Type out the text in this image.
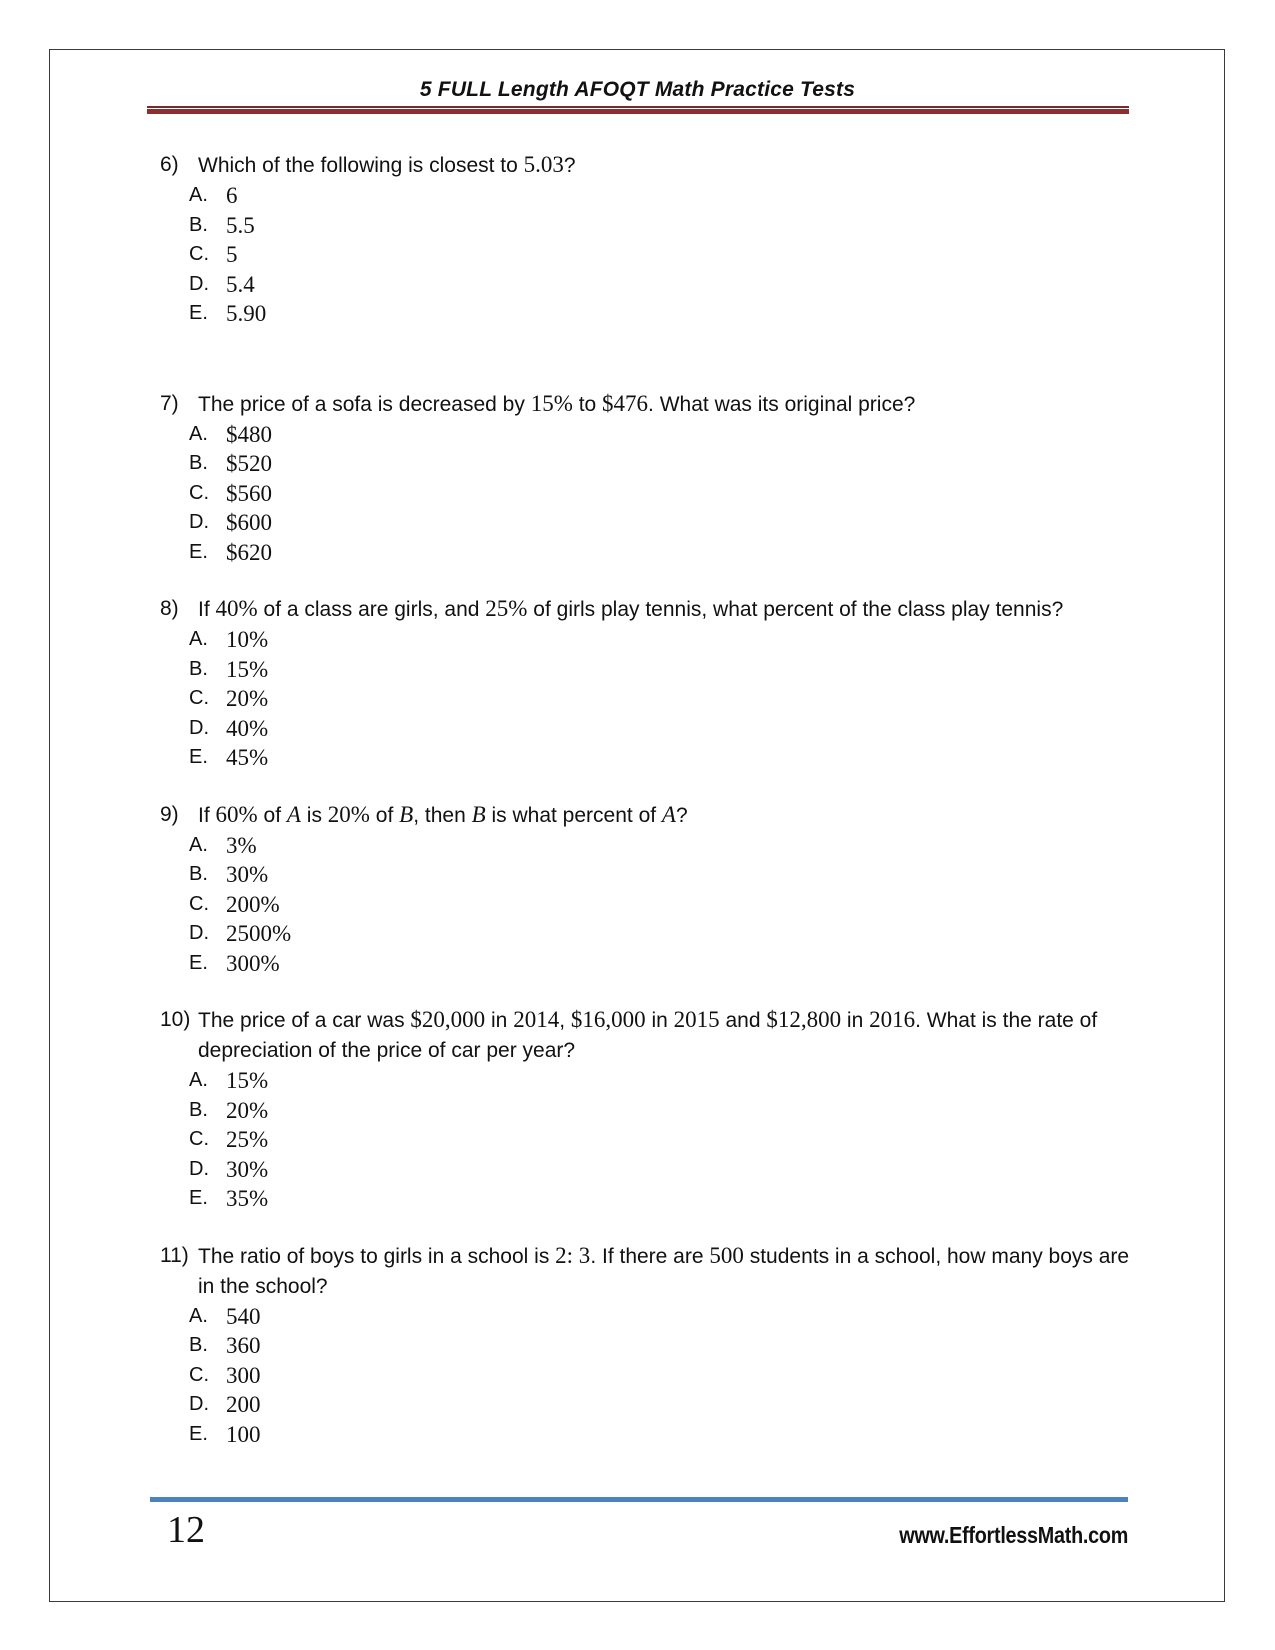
5 FULL Length AFOQT Math Practice Tests
6) Which of the following is closest to 5.03?
A. 6
B. 5.5
C. 5
D. 5.4
E. 5.90
7) The price of a sofa is decreased by 15% to $476. What was its original price?
A. $480
B. $520
C. $560
D. $600
E. $620
8) If 40% of a class are girls, and 25% of girls play tennis, what percent of the class play tennis?
A. 10%
B. 15%
C. 20%
D. 40%
E. 45%
9) If 60% of A is 20% of B, then B is what percent of A?
A. 3%
B. 30%
C. 200%
D. 2500%
E. 300%
10) The price of a car was $20,000 in 2014, $16,000 in 2015 and $12,800 in 2016. What is the rate of depreciation of the price of car per year?
A. 15%
B. 20%
C. 25%
D. 30%
E. 35%
11) The ratio of boys to girls in a school is 2: 3. If there are 500 students in a school, how many boys are in the school?
A. 540
B. 360
C. 300
D. 200
E. 100
12	www.EffortlessMath.com
